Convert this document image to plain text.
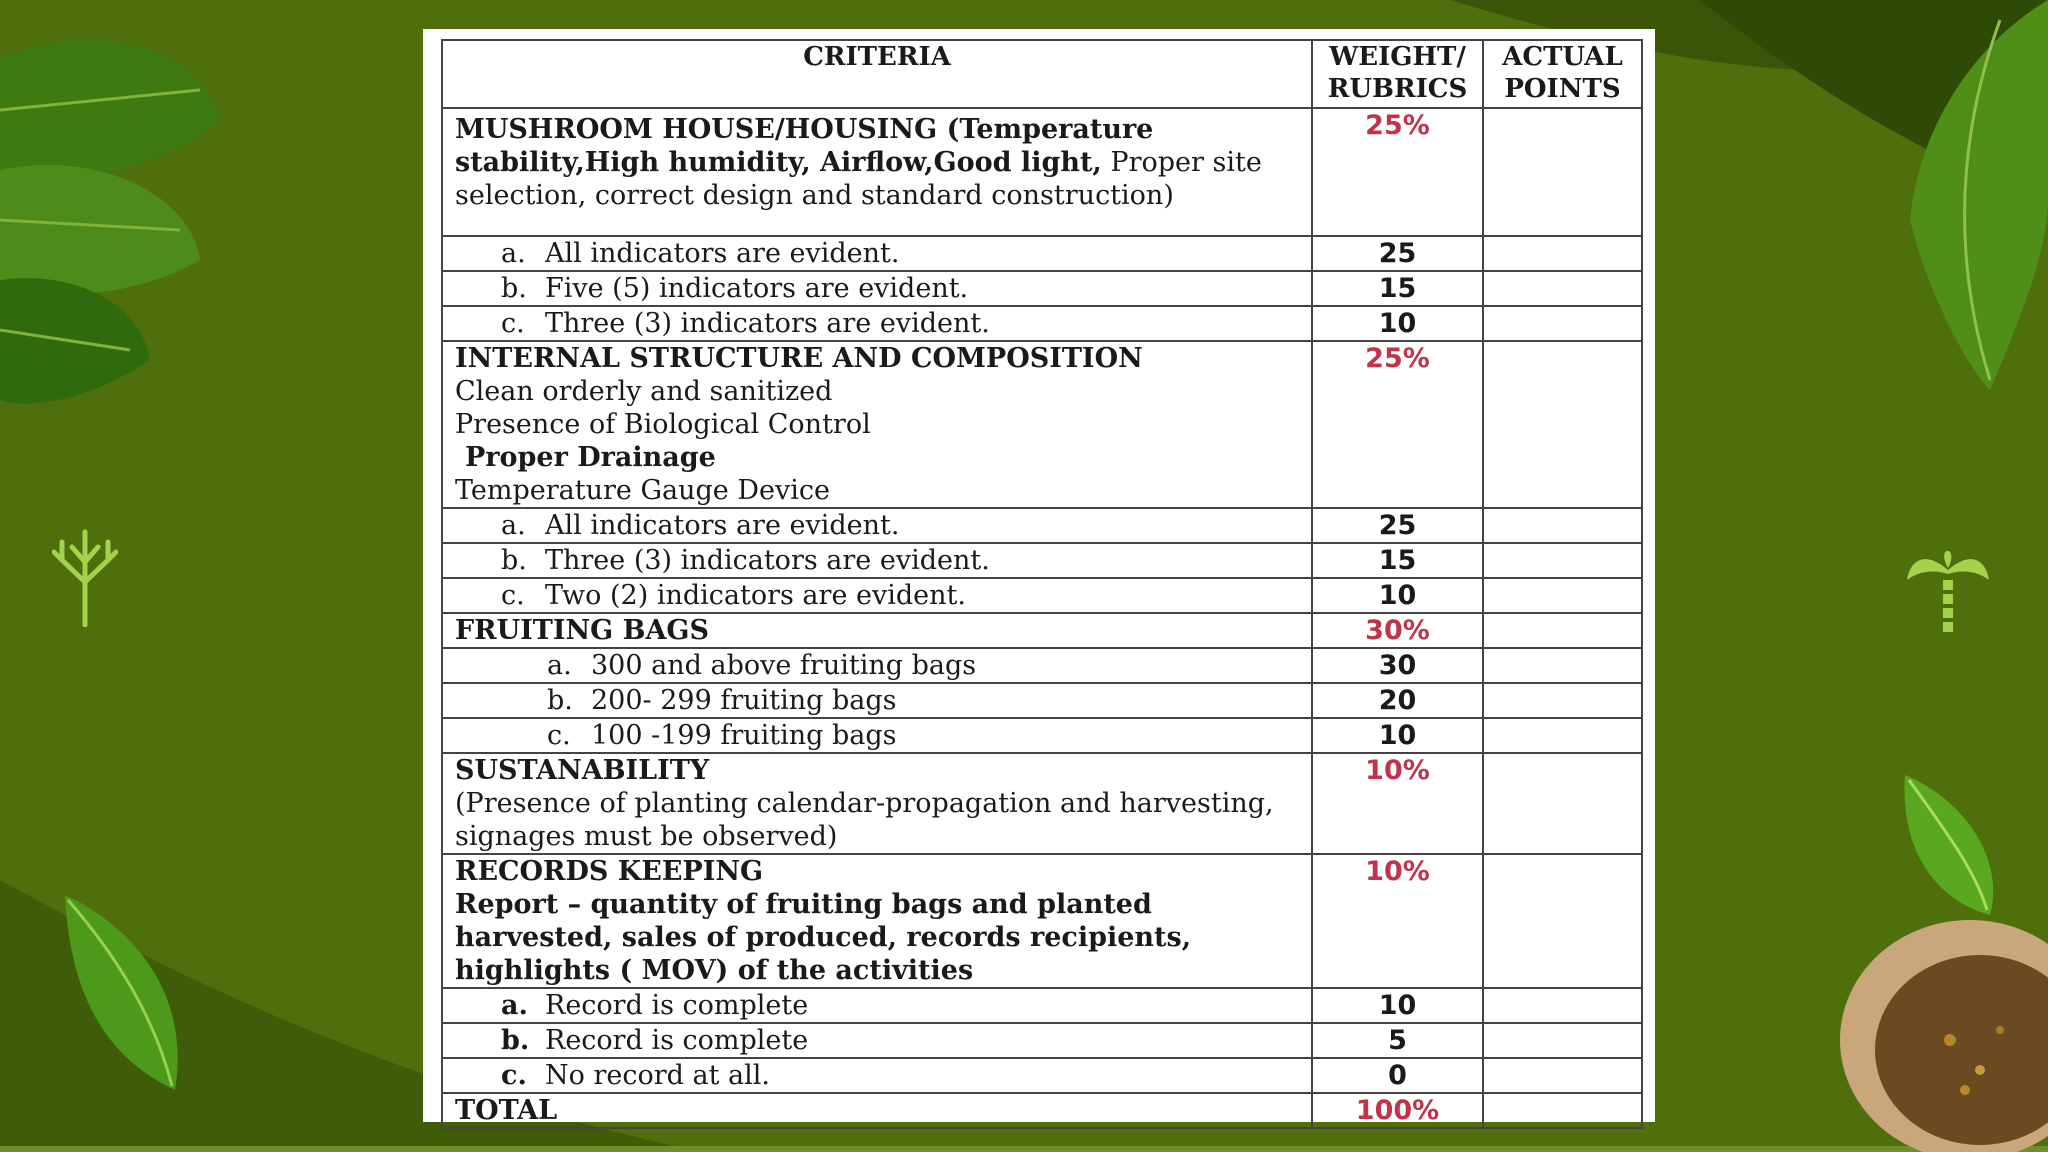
CRITERIA	WEIGHT/ RUBRICS	ACTUAL POINTS
MUSHROOM HOUSE/HOUSING (Temperature stability,High humidity, Airflow,Good light, Proper site selection, correct design and standard construction)	25%	
a. All indicators are evident.	25	
b. Five (5) indicators are evident.	15	
c. Three (3) indicators are evident.	10	

INTERNAL STRUCTURE AND COMPOSITION
Clean orderly and sanitized
Presence of Biological Control
Proper Drainage
Temperature Gauge Device	25%	
a. All indicators are evident.	25	
b. Three (3) indicators are evident.	15	
c. Two (2) indicators are evident.	10	
FRUITING BAGS	30%	
a. 300 and above fruiting bags	30	
b. 200- 299 fruiting bags	20	
c. 100 -199 fruiting bags	10	

SUSTANABILITY
(Presence of planting calendar-propagation and harvesting, signages must be observed)	10%	

RECORDS KEEPING
Report – quantity of fruiting bags and planted harvested, sales of produced, records recipients, highlights ( MOV) of the activities	10%	
a. Record is complete	10	
b. Record is complete	5	
c. No record at all.	0	
TOTAL	100%	
